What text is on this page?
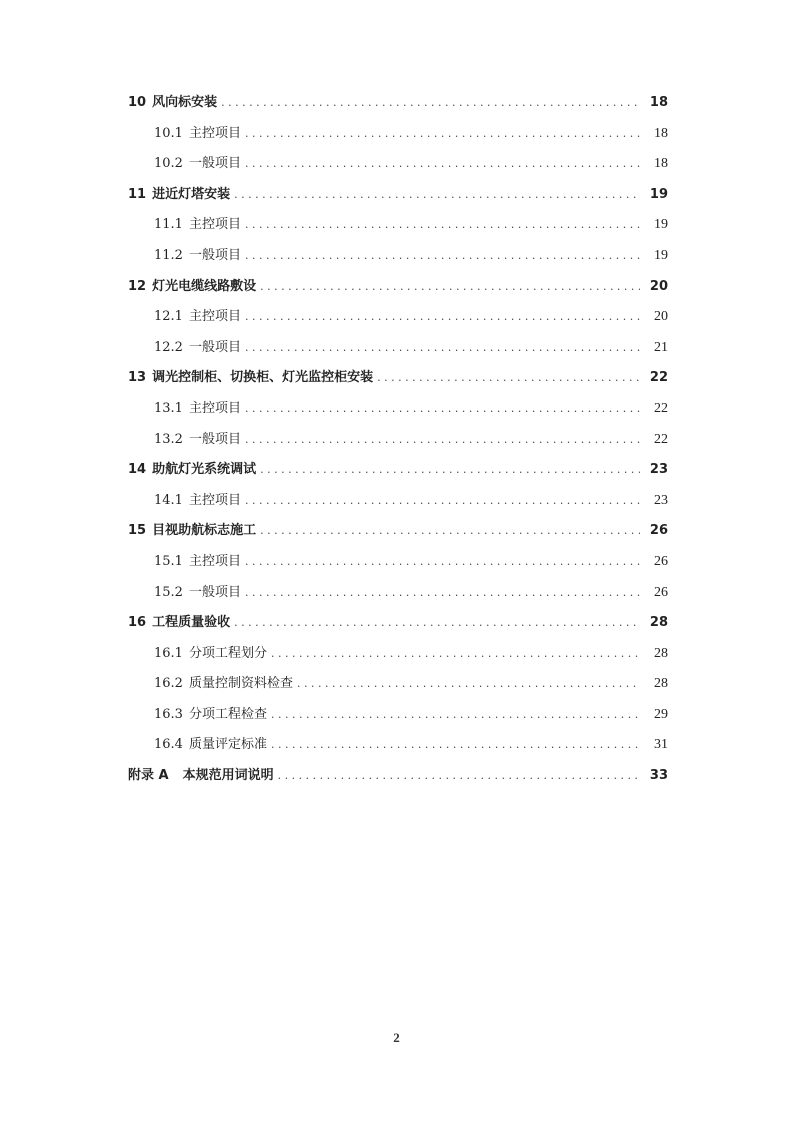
10 风向标安装 .....	18
10.1 主控项目 .....	18
10.2 一般项目 .....	18
11 进近灯塔安装 .....	19
11.1 主控项目 .....	19
11.2 一般项目 .....	19
12 灯光电缆线路敷设 .....	20
12.1 主控项目 .....	20
12.2 一般项目 .....	21
13 调光控制柜、切换柜、灯光监控柜安装 .....	22
13.1 主控项目 .....	22
13.2 一般项目 .....	22
14 助航灯光系统调试 .....	23
14.1 主控项目 .....	23
15 目视助航标志施工 .....	26
15.1 主控项目 .....	26
15.2 一般项目 .....	26
16 工程质量验收 .....	28
16.1 分项工程划分 .....	28
16.2 质量控制资料检查 .....	28
16.3 分项工程检查 .....	29
16.4 质量评定标准 .....	31
附录 A 本规范用词说明 .....	33
2
